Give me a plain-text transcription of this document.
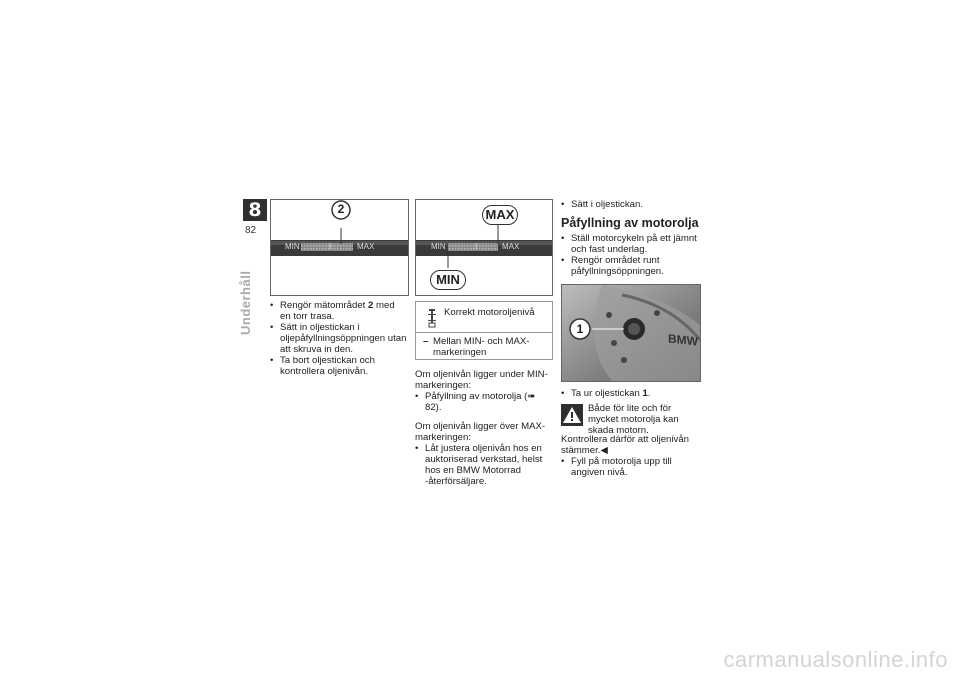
8
82
Underhåll
2
MIN	I	MAX
• Rengör mätområdet 2 med en torr trasa.
• Sätt in oljestickan i oljepåfyllningsöppningen utan att skruva in den.
• Ta bort oljestickan och kontrollera oljenivån.
MAX
MIN
MIN	I	MAX
Korrekt motoroljenivå
– Mellan MIN- och MAX-markeringen
Om oljenivån ligger under MIN-markeringen:
• Påfyllning av motorolja (➠ 82).
Om oljenivån ligger över MAX-markeringen:
• Låt justera oljenivån hos en auktoriserad verkstad, helst hos en BMW Motorrad -återförsäljare.
• Sätt i oljestickan.
Påfyllning av motorolja
• Ställ motorcykeln på ett jämnt och fast underlag.
• Rengör området runt påfyllningsöppningen.
1
BMW
• Ta ur oljestickan 1.
Både för lite och för mycket motorolja kan skada motorn.
Kontrollera därför att oljenivån stämmer.◀
• Fyll på motorolja upp till angiven nivå.
carmanualsonline.info
